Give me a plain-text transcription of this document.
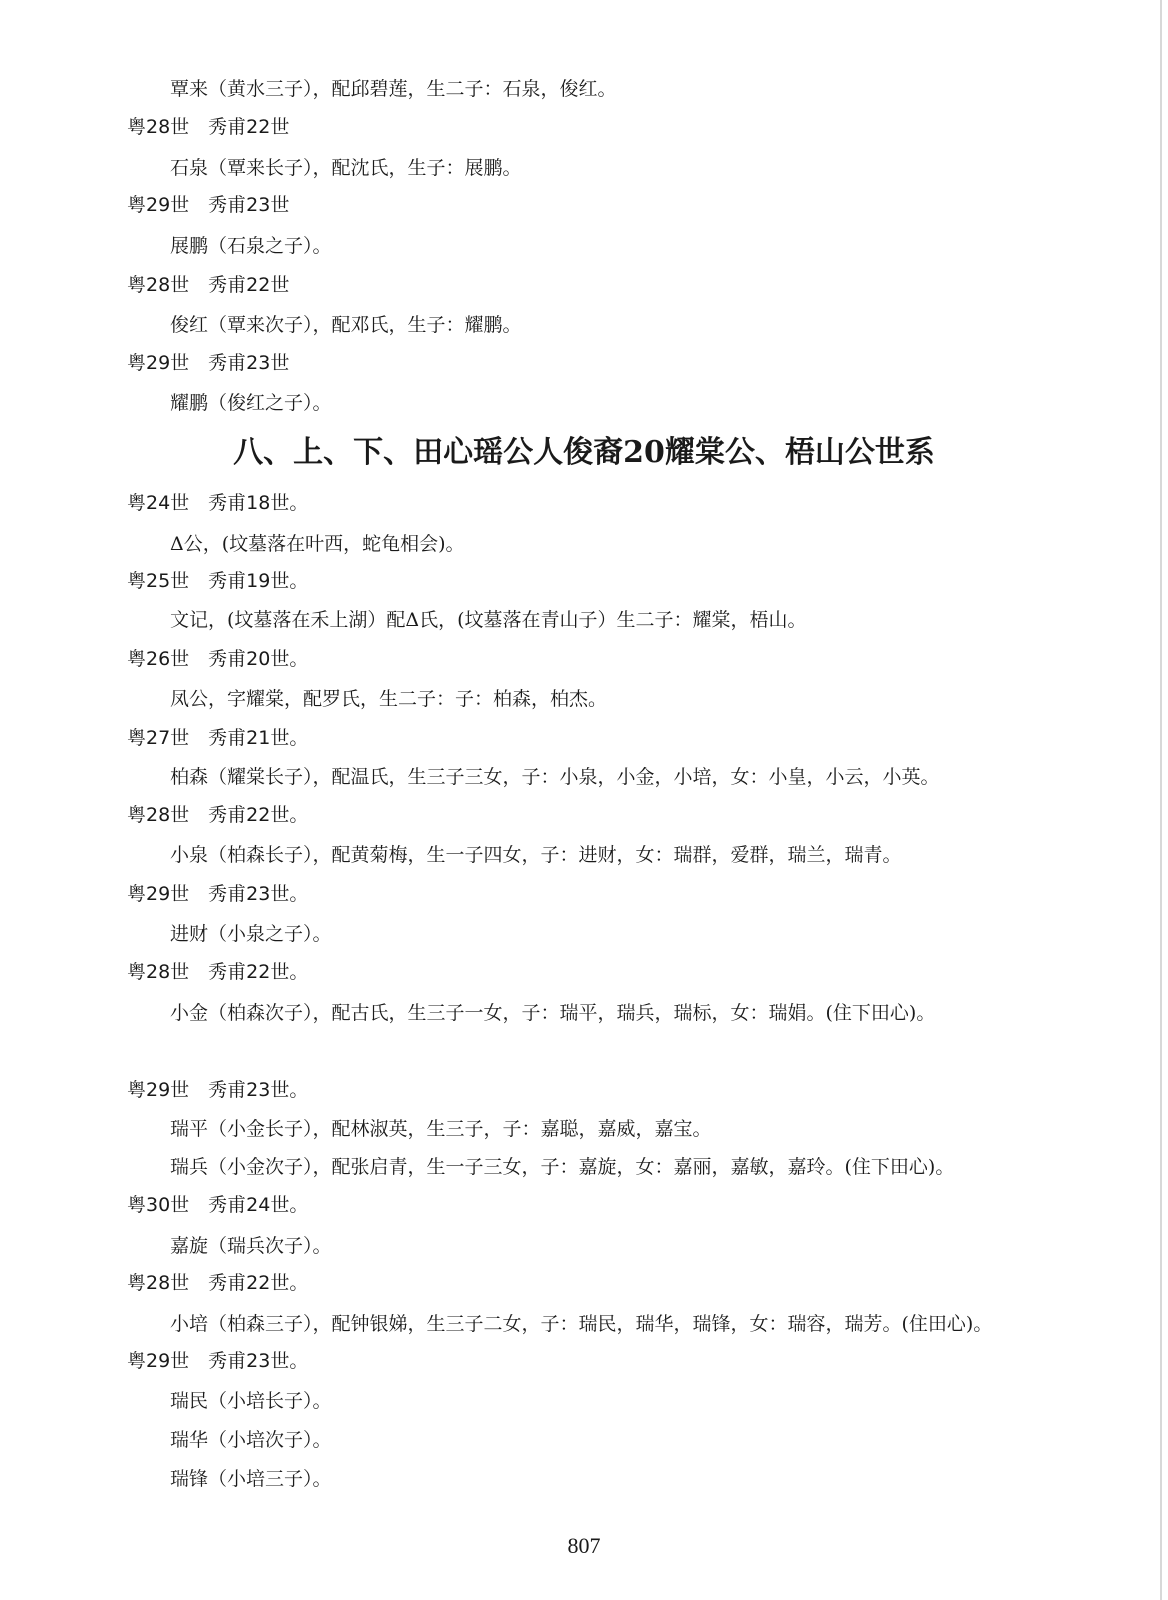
覃来（黄水三子），配邱碧莲，生二子：石泉，俊红。
粤28世　秀甫22世
石泉（覃来长子），配沈氏，生子：展鹏。
粤29世　秀甫23世
展鹏（石泉之子）。
粤28世　秀甫22世
俊红（覃来次子），配邓氏，生子：耀鹏。
粤29世　秀甫23世
耀鹏（俊红之子）。
八、上、下、田心瑶公人俊裔20耀棠公、梧山公世系
粤24世　秀甫18世。
Δ公，(坟墓落在叶西，蛇龟相会)。
粤25世　秀甫19世。
文记，(坟墓落在禾上湖）配Δ氏，(坟墓落在青山子）生二子：耀棠，梧山。
粤26世　秀甫20世。
凤公，字耀棠，配罗氏，生二子：子：柏森，柏杰。
粤27世　秀甫21世。
柏森（耀棠长子），配温氏，生三子三女，子：小泉，小金，小培，女：小皇，小云，小英。
粤28世　秀甫22世。
小泉（柏森长子），配黄菊梅，生一子四女，子：进财，女：瑞群，爱群，瑞兰，瑞青。
粤29世　秀甫23世。
进财（小泉之子）。
粤28世　秀甫22世。
小金（柏森次子），配古氏，生三子一女，子：瑞平，瑞兵，瑞标，女：瑞娟。(住下田心)。
粤29世　秀甫23世。
瑞平（小金长子），配林淑英，生三子，子：嘉聪，嘉威，嘉宝。
瑞兵（小金次子），配张启青，生一子三女，子：嘉旋，女：嘉丽，嘉敏，嘉玲。(住下田心)。
粤30世　秀甫24世。
嘉旋（瑞兵次子）。
粤28世　秀甫22世。
小培（柏森三子），配钟银娣，生三子二女，子：瑞民，瑞华，瑞锋，女：瑞容，瑞芳。(住田心)。
粤29世　秀甫23世。
瑞民（小培长子）。
瑞华（小培次子）。
瑞锋（小培三子）。
807
